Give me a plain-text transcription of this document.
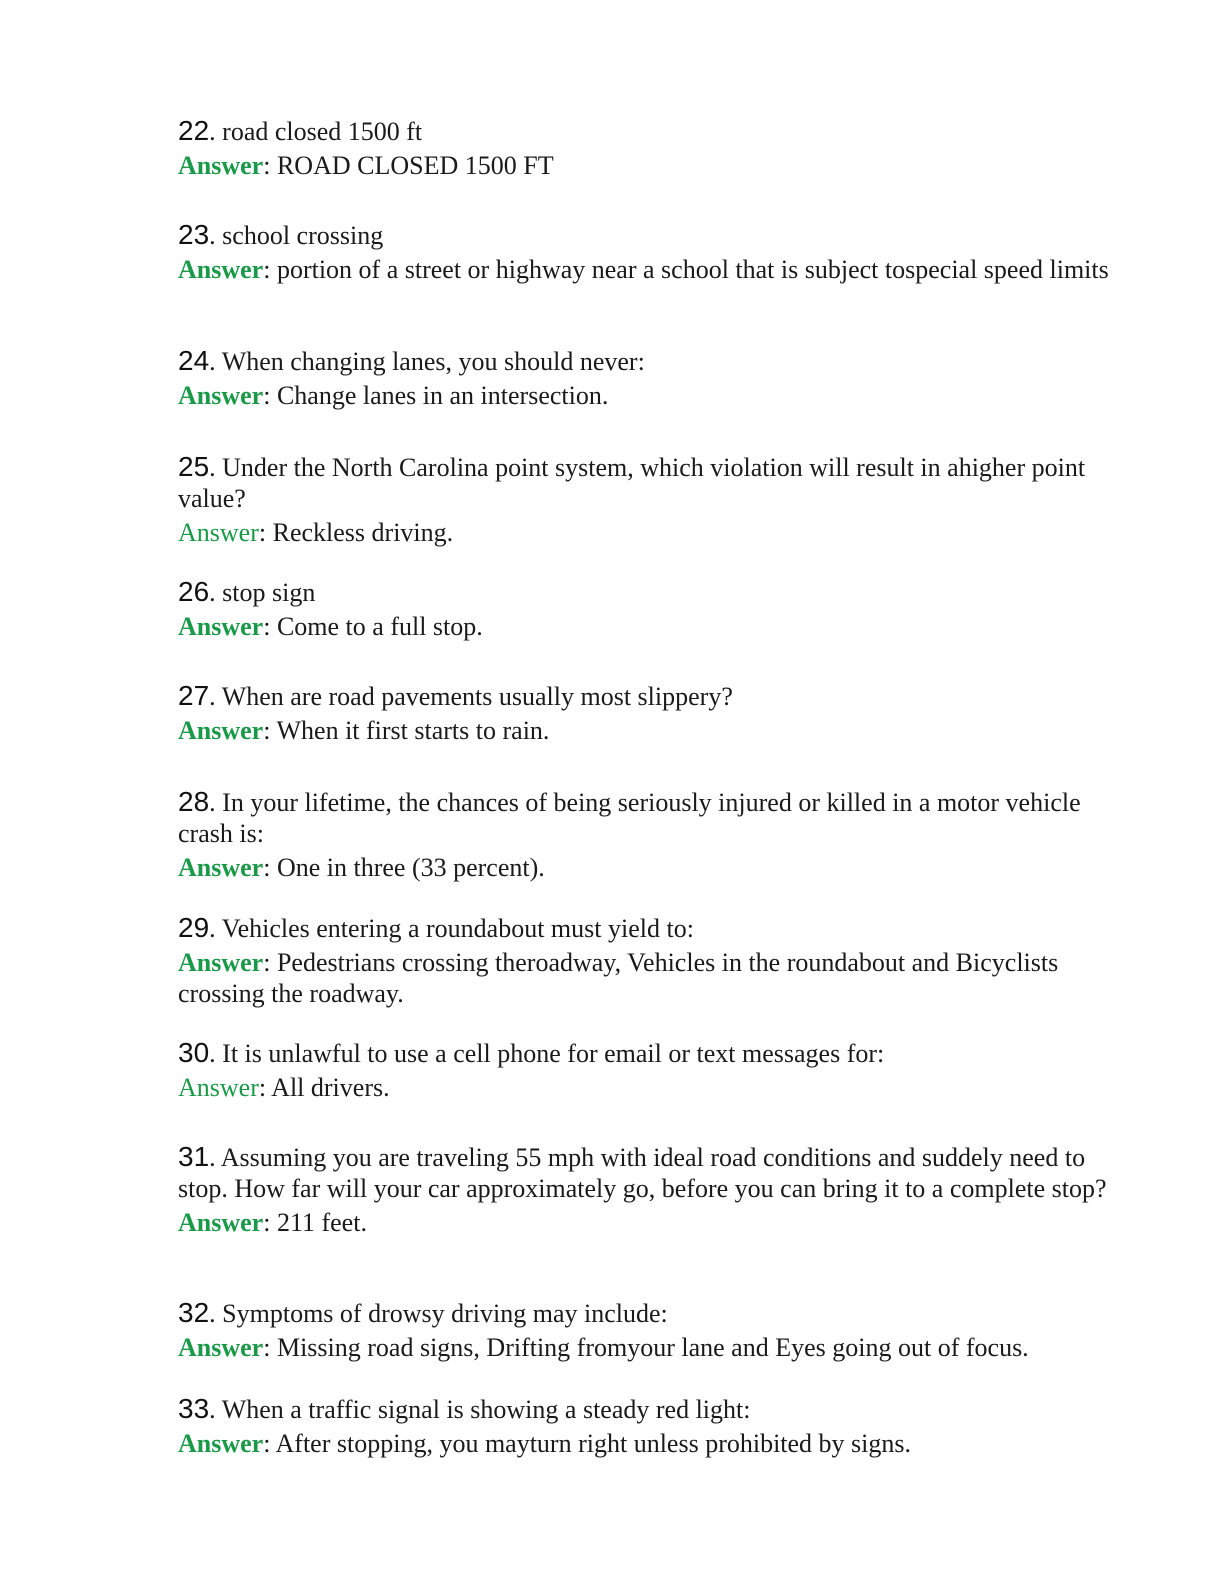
22. road closed 1500 ft

Answer: ROAD CLOSED 1500 FT

23. school crossing

Answer: portion of a street or highway near a school that is subject tospecial speed limits

24. When changing lanes, you should never:

Answer: Change lanes in an intersection.

25. Under the North Carolina point system, which violation will result in ahigher point value?

Answer: Reckless driving.

26. stop sign

Answer: Come to a full stop.

27. When are road pavements usually most slippery?

Answer: When it first starts to rain.

28. In your lifetime, the chances of being seriously injured or killed in a motor vehicle crash is:

Answer: One in three (33 percent).

29. Vehicles entering a roundabout must yield to:

Answer: Pedestrians crossing theroadway, Vehicles in the roundabout and Bicyclists crossing the roadway.

30. It is unlawful to use a cell phone for email or text messages for:

Answer: All drivers.

31. Assuming you are traveling 55 mph with ideal road conditions and suddely need to stop. How far will your car approximately go, before you can bring it to a complete stop?

Answer: 211 feet.

32. Symptoms of drowsy driving may include:

Answer: Missing road signs, Drifting fromyour lane and Eyes going out of focus.

33. When a traffic signal is showing a steady red light:

Answer: After stopping, you mayturn right unless prohibited by signs.
